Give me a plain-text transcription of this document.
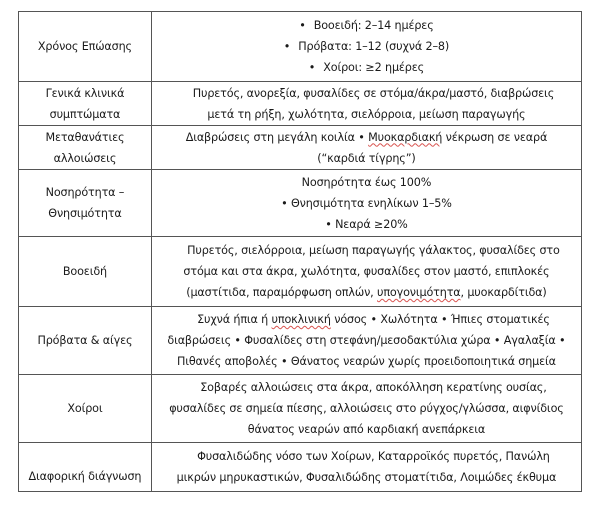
Χρόνος Επώασης	• Βοοειδή: 2–14 ημέρες
• Πρόβατα: 1–12 (συχνά 2–8)
• Χοίροι: ≥2 ημέρες

Γενικά κλινικά
συμπτώματα	Πυρετός, ανορεξία, φυσαλίδες σε στόμα/άκρα/μαστό, διαβρώσεις
μετά τη ρήξη, χωλότητα, σιελόρροια, μείωση παραγωγής

Μεταθανάτιες
αλλοιώσεις	Διαβρώσεις στη μεγάλη κοιλία • Μυοκαρδιακή νέκρωση σε νεαρά
(“καρδιά τίγρης”)

Νοσηρότητα –
Θνησιμότητα	Νοσηρότητα έως 100%
• Θνησιμότητα ενηλίκων 1–5%
• Νεαρά ≥20%

Βοοειδή	Πυρετός, σιελόρροια, μείωση παραγωγής γάλακτος, φυσαλίδες στο
στόμα και στα άκρα, χωλότητα, φυσαλίδες στον μαστό, επιπλοκές
(μαστίτιδα, παραμόρφωση οπλών, υπογονιμότητα, μυοκαρδίτιδα)

Πρόβατα & αίγες	Συχνά ήπια ή υποκλινική νόσος • Χωλότητα • Ήπιες στοματικές
διαβρώσεις • Φυσαλίδες στη στεφάνη/μεσοδακτύλια χώρα • Αγαλαξία •
Πιθανές αποβολές • Θάνατος νεαρών χωρίς προειδοποιητικά σημεία

Χοίροι	Σοβαρές αλλοιώσεις στα άκρα, αποκόλληση κερατίνης ουσίας,
φυσαλίδες σε σημεία πίεσης, αλλοιώσεις στο ρύγχος/γλώσσα, αιφνίδιος
θάνατος νεαρών από καρδιακή ανεπάρκεια

Διαφορική διάγνωση	Φυσαλιδώδης νόσο των Χοίρων, Καταρροϊκός πυρετός, Πανώλη
μικρών μηρυκαστικών, Φυσαλιδώδης στοματίτιδα, Λοιμώδες έκθυμα
